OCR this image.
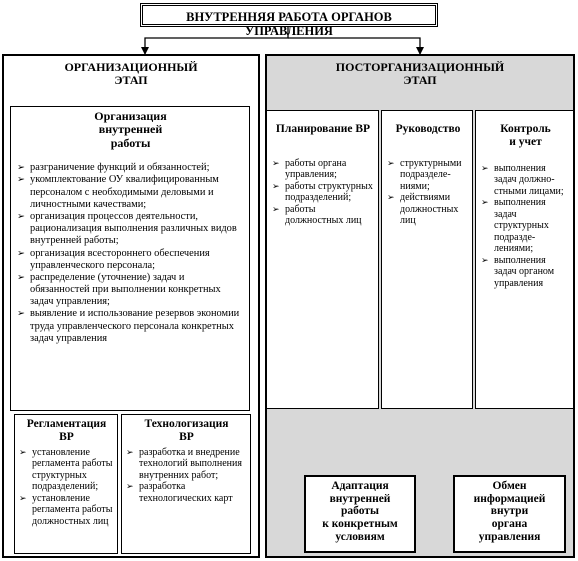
ВНУТРЕННЯЯ РАБОТА ОРГАНОВ УПРАВЛЕНИЯ
ОРГАНИЗАЦИОННЫЙ
ЭТАП
Организация
внутренней
работы
➢ разграничение функций и обязанностей;
➢ укомплектование ОУ квалифицированным персоналом с необходимыми деловыми и личностными качествами;
➢ организация процессов деятельности, рационализация выполнения различных видов внутренней работы;
➢ организация всестороннего обеспечения управленческого персонала;
➢ распределение (уточнение) задач и обязанностей при выполнении конкретных задач управления;
➢ выявление и использование резервов экономии труда управленческого персонала конкретных задач управления
Регламентация
ВР
➢ установление регламента работы структурных подразделений;
➢ установление регламента работы должностных лиц
Технологизация
ВР
➢ разработка и внедрение технологий выполнения внутренних работ;
➢ разработка технологических карт
ПОСТОРГАНИЗАЦИОННЫЙ
ЭТАП
Планирование ВР
➢ работы органа управления;
➢ работы структурных подразделений;
➢ работы должностных лиц
Руководство
➢ структурными подразделе-
ниями;
➢ действиями должностных лиц
Контроль
и учет
➢ выполнения задач должно-
стными лицами;
➢ выполнения задач структурных подразде-
лениями;
➢ выполнения задач органом управления
Адаптация
внутренней
работы
к конкретным
условиям
Обмен
информацией
внутри
органа
управления
